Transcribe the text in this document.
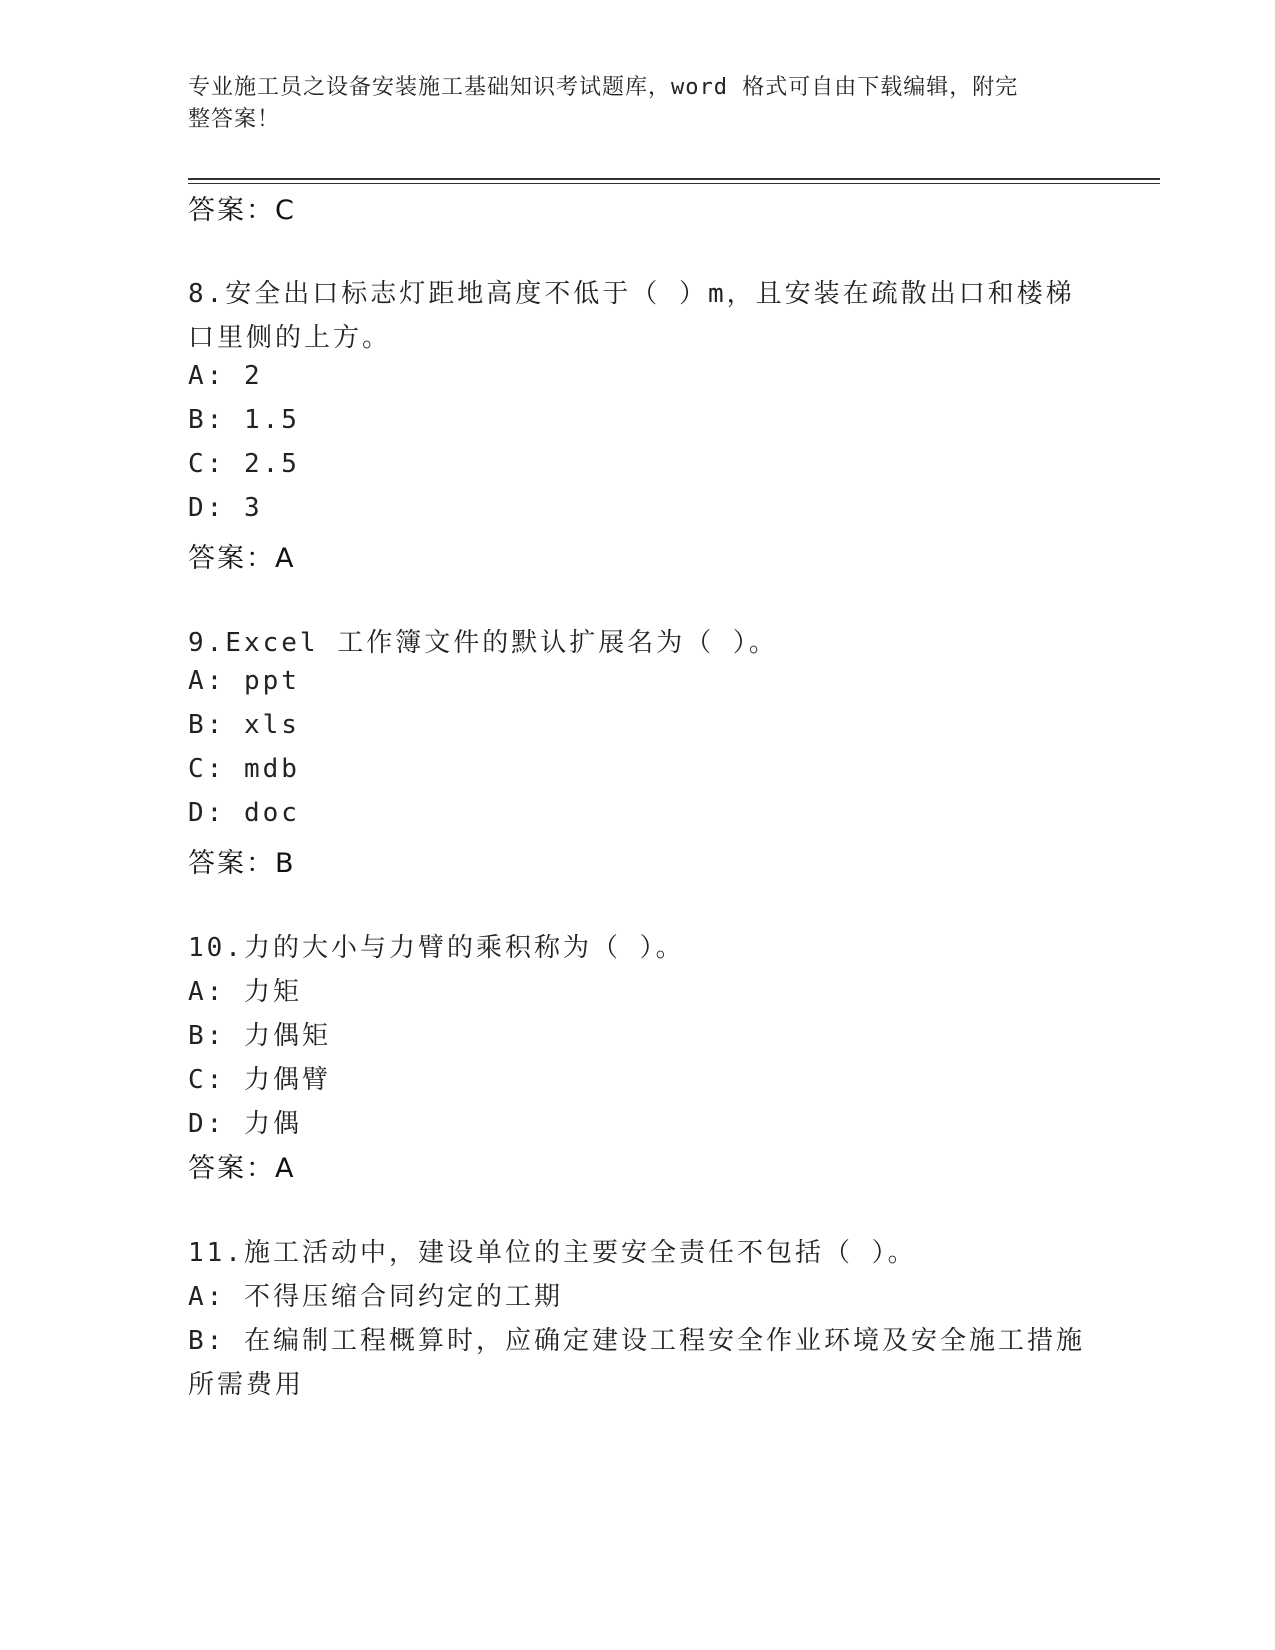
专业施工员之设备安装施工基础知识考试题库，word 格式可自由下载编辑，附完
整答案！
答案：C
8.安全出口标志灯距地高度不低于（ ）m，且安装在疏散出口和楼梯
口里侧的上方。
A: 2
B: 1.5
C: 2.5
D: 3
答案：A
9.Excel 工作簿文件的默认扩展名为（ ）。
A: ppt
B: xls
C: mdb
D: doc
答案：B
10.力的大小与力臂的乘积称为（ ）。
A: 力矩
B: 力偶矩
C: 力偶臂
D: 力偶
答案：A
11.施工活动中，建设单位的主要安全责任不包括（ ）。
A: 不得压缩合同约定的工期
B: 在编制工程概算时，应确定建设工程安全作业环境及安全施工措施
所需费用
